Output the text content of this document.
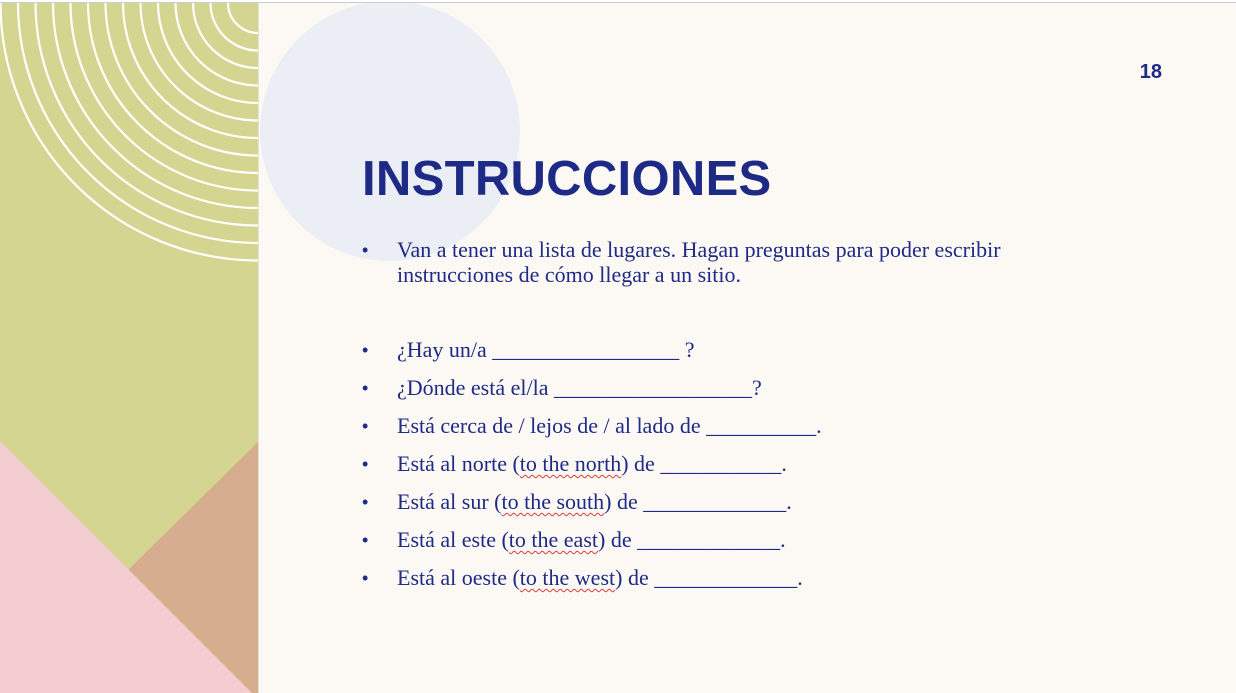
18
INSTRUCCIONES
• Van a tener una lista de lugares. Hagan preguntas para poder escribir instrucciones de cómo llegar a un sitio.
• ¿Hay un/a _________________ ?
• ¿Dónde está el/la __________________?
• Está cerca de / lejos de / al lado de __________.
• Está al norte (to the north) de ___________.
• Está al sur (to the south) de _____________.
• Está al este (to the east) de _____________.
• Está al oeste (to the west) de _____________.
